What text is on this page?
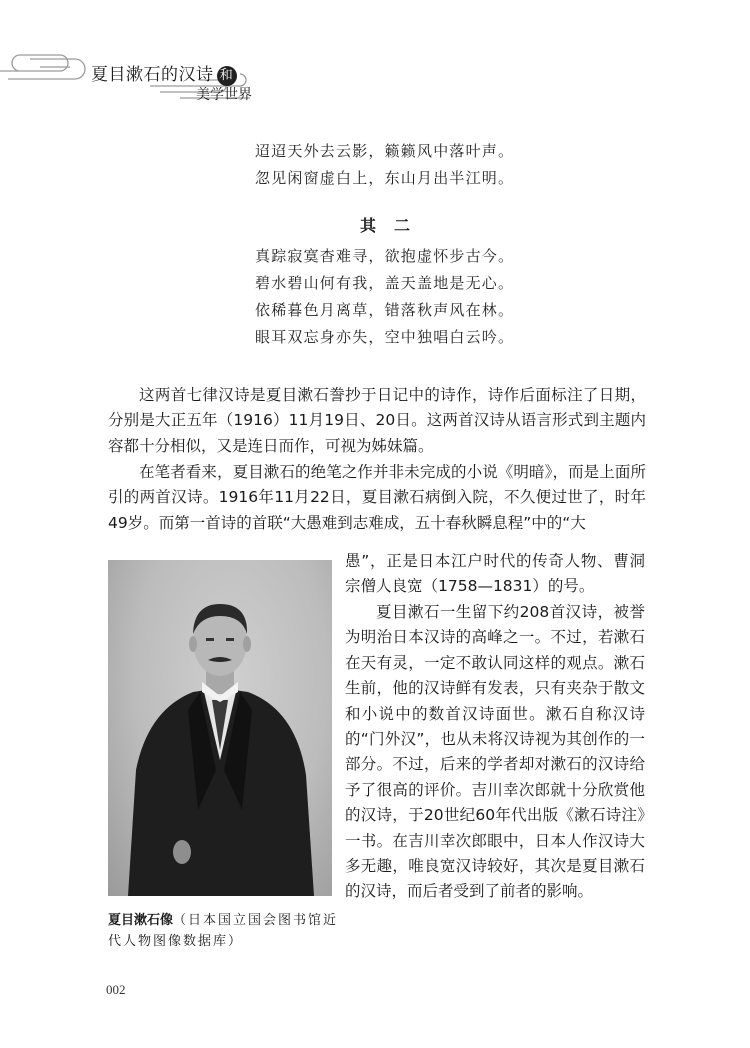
夏目漱石的汉诗 和
美学世界
迢迢天外去云影，籁籁风中落叶声。
忽见闲窗虚白上，东山月出半江明。
其二
真踪寂寞杳难寻，欲抱虚怀步古今。
碧水碧山何有我，盖天盖地是无心。
依稀暮色月离草，错落秋声风在林。
眼耳双忘身亦失，空中独唱白云吟。
这两首七律汉诗是夏目漱石誊抄于日记中的诗作，诗作后面标注了日期，分别是大正五年（1916）11月19日、20日。这两首汉诗从语言形式到主题内容都十分相似，又是连日而作，可视为姊妹篇。
在笔者看来，夏目漱石的绝笔之作并非未完成的小说《明暗》，而是上面所引的两首汉诗。1916年11月22日，夏目漱石病倒入院，不久便过世了，时年49岁。而第一首诗的首联“大愚难到志难成，五十春秋瞬息程”中的“大
愚”，正是日本江户时代的传奇人物、曹洞宗僧人良宽（1758—1831）的号。
夏目漱石一生留下约208首汉诗，被誉为明治日本汉诗的高峰之一。不过，若漱石在天有灵，一定不敢认同这样的观点。漱石生前，他的汉诗鲜有发表，只有夹杂于散文和小说中的数首汉诗面世。漱石自称汉诗的“门外汉”，也从未将汉诗视为其创作的一部分。不过，后来的学者却对漱石的汉诗给予了很高的评价。吉川幸次郎就十分欣赏他的汉诗，于20世纪60年代出版《漱石诗注》一书。在吉川幸次郎眼中，日本人作汉诗大多无趣，唯良宽汉诗较好，其次是夏目漱石的汉诗，而后者受到了前者的影响。
夏目漱石像（日本国立国会图书馆近代人物图像数据库）
002
